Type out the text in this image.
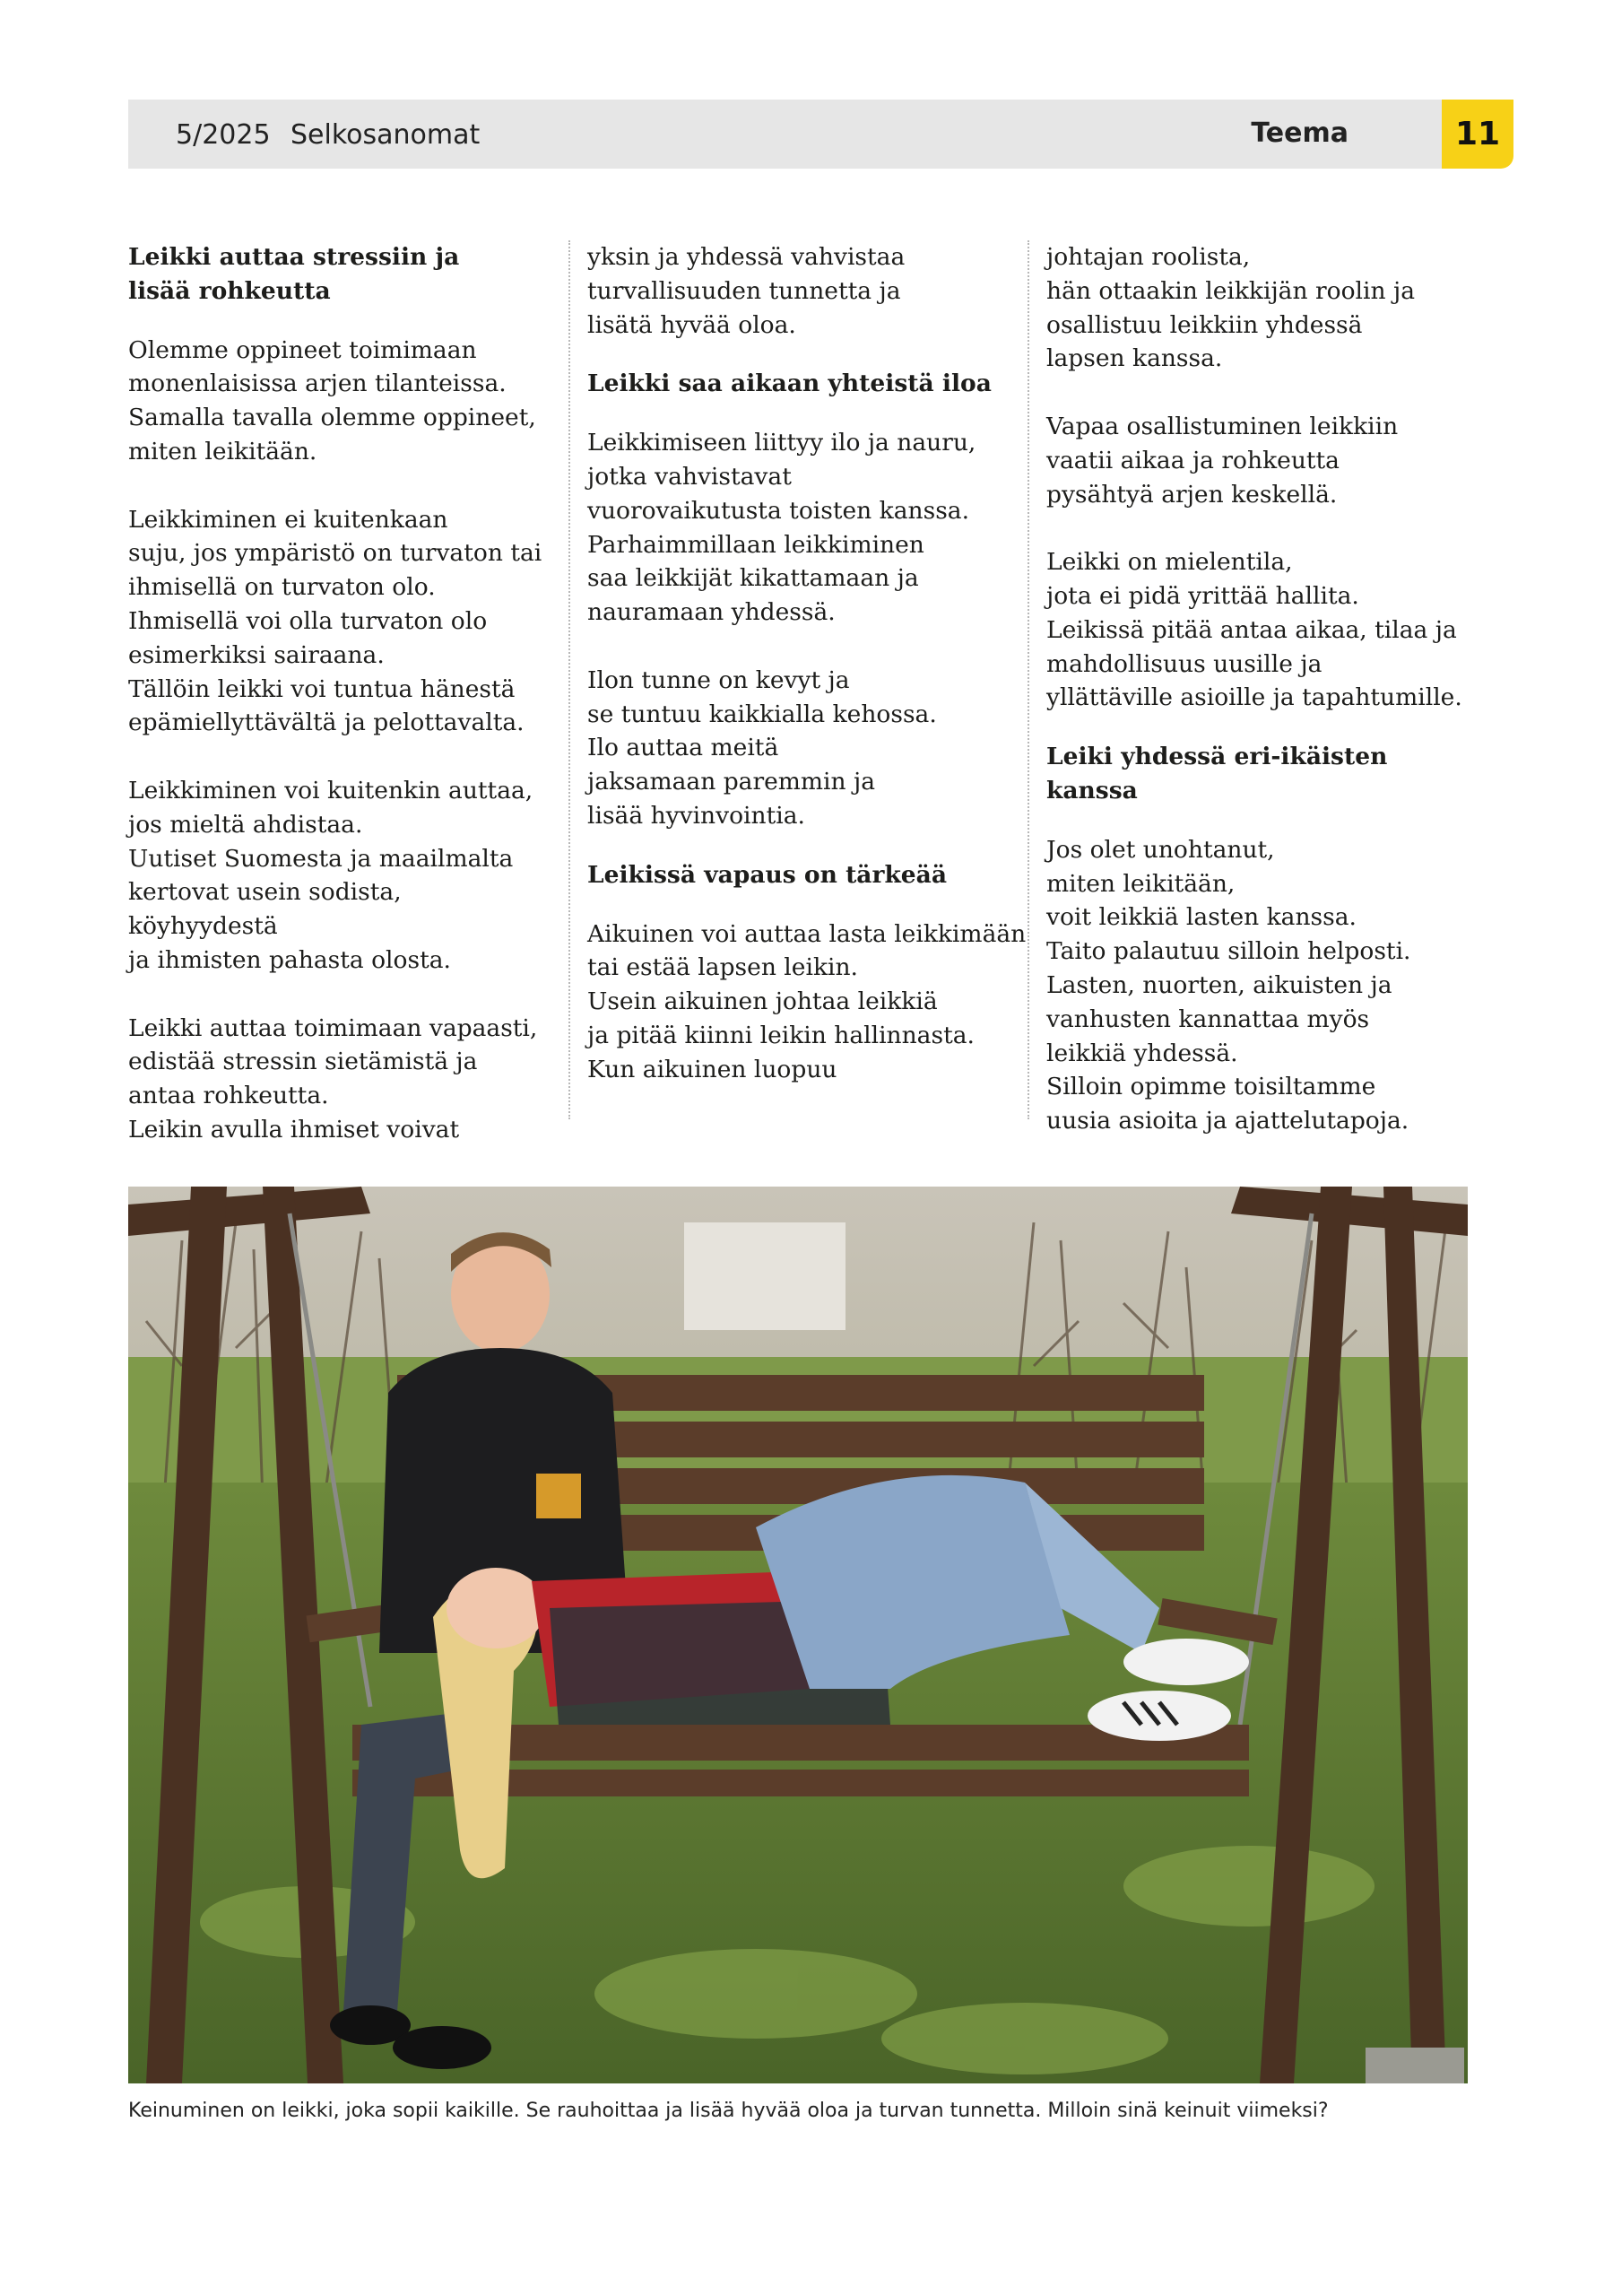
5/2025 Selkosanomat	Teema	11
Leikki auttaa stressiin ja
lisää rohkeutta

Olemme oppineet toimimaan
monenlaisissa arjen tilanteissa.
Samalla tavalla olemme oppineet,
miten leikitään.

Leikkiminen ei kuitenkaan
suju, jos ympäristö on turvaton tai
ihmisellä on turvaton olo.
Ihmisellä voi olla turvaton olo
esimerkiksi sairaana.
Tällöin leikki voi tuntua hänestä
epämiellyttävältä ja pelottavalta.

Leikkiminen voi kuitenkin auttaa,
jos mieltä ahdistaa.
Uutiset Suomesta ja maailmalta
kertovat usein sodista, köyhyydestä
ja ihmisten pahasta olosta.

Leikki auttaa toimimaan vapaasti,
edistää stressin sietämistä ja
antaa rohkeutta.
Leikin avulla ihmiset voivat

yksin ja yhdessä vahvistaa
turvallisuuden tunnetta ja
lisätä hyvää oloa.

Leikki saa aikaan yhteistä iloa

Leikkimiseen liittyy ilo ja nauru,
jotka vahvistavat
vuorovaikutusta toisten kanssa.
Parhaimmillaan leikkiminen
saa leikkijät kikattamaan ja
nauramaan yhdessä.

Ilon tunne on kevyt ja
se tuntuu kaikkialla kehossa.
Ilo auttaa meitä
jaksamaan paremmin ja
lisää hyvinvointia.

Leikissä vapaus on tärkeää

Aikuinen voi auttaa lasta leikkimään
tai estää lapsen leikin.
Usein aikuinen johtaa leikkiä
ja pitää kiinni leikin hallinnasta.
Kun aikuinen luopuu

johtajan roolista,
hän ottaakin leikkijän roolin ja
osallistuu leikkiin yhdessä
lapsen kanssa.

Vapaa osallistuminen leikkiin
vaatii aikaa ja rohkeutta
pysähtyä arjen keskellä.

Leikki on mielentila,
jota ei pidä yrittää hallita.
Leikissä pitää antaa aikaa, tilaa ja
mahdollisuus uusille ja
yllättäville asioille ja tapahtumille.

Leiki yhdessä eri-ikäisten kanssa

Jos olet unohtanut,
miten leikitään,
voit leikkiä lasten kanssa.
Taito palautuu silloin helposti.
Lasten, nuorten, aikuisten ja
vanhusten kannattaa myös
leikkiä yhdessä.
Silloin opimme toisiltamme
uusia asioita ja ajattelutapoja.

Keinuminen on leikki, joka sopii kaikille. Se rauhoittaa ja lisää hyvää oloa ja turvan tunnetta. Milloin sinä keinuit viimeksi?
